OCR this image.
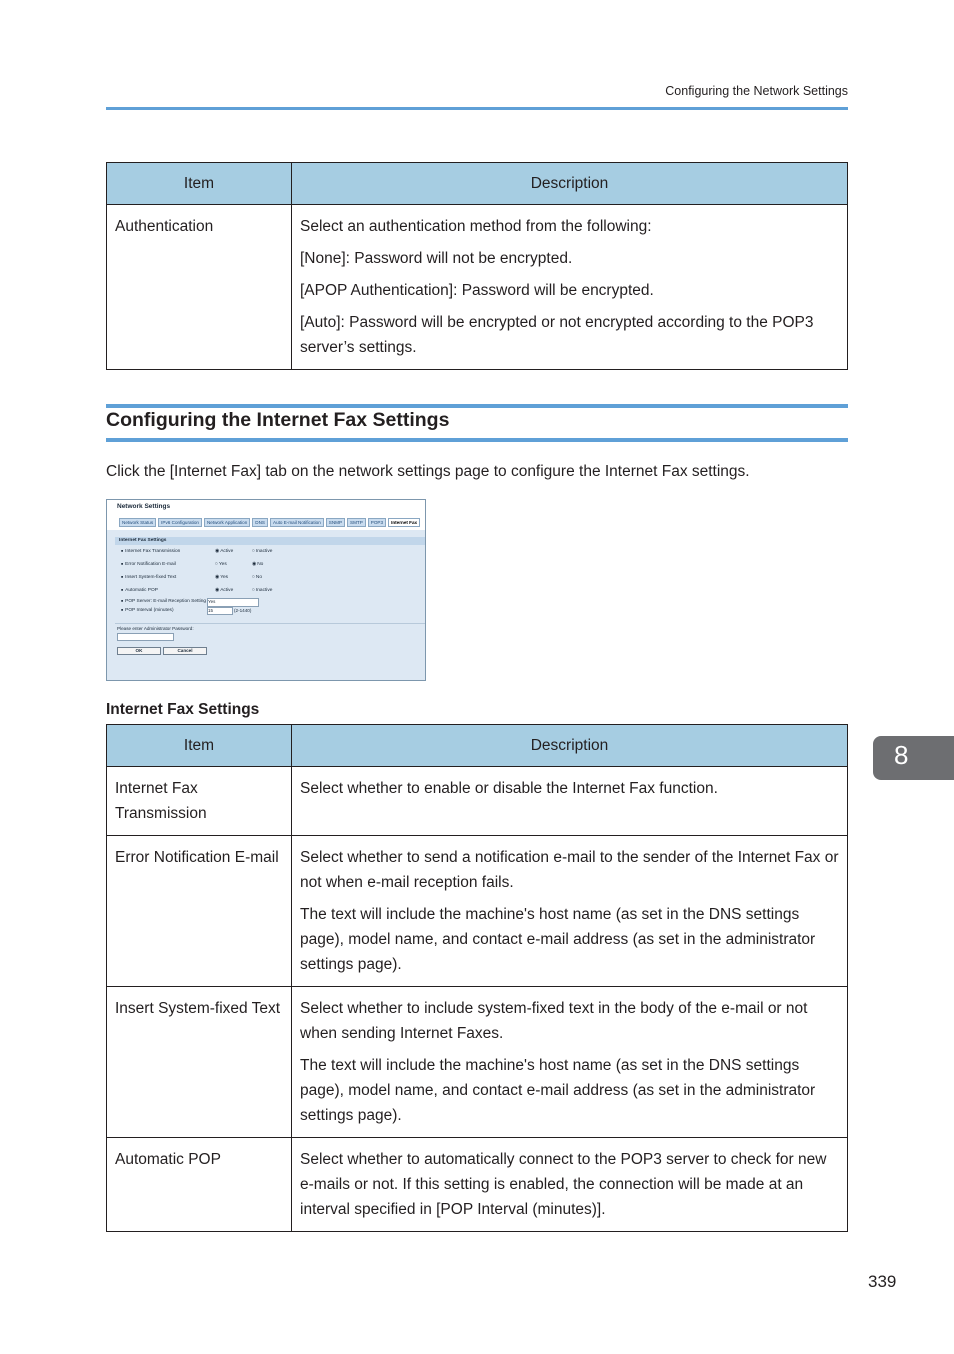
Configuring the Network Settings
Item	Description
Authentication	Select an authentication method from the following:

[None]: Password will not be encrypted.

[APOP Authentication]: Password will be encrypted.

[Auto]: Password will be encrypted or not encrypted according to the POP3 server’s settings.

Configuring the Internet Fax Settings
Click the [Internet Fax] tab on the network settings page to configure the Internet Fax settings.
Network Settings
Network Status IPv6 Configuration Network Application DNS Auto E-mail Notification SNMP SMTP POP3 Internet Fax
Internet Fax Settings
■ Internet Fax Transmission	◉ Active	○ Inactive
■ Error Notification E-mail	○ Yes	◉ No
■ Insert System-fixed Text	◉ Yes	○ No
■ Automatic POP	◉ Active	○ Inactive
■ POP Server: E-mail Reception Setting Yes
■ POP Interval (minutes)	15	(2-1440)
Please enter Administrator Password:
OK	Cancel
Internet Fax Settings
Item	Description
Internet Fax Transmission	Select whether to enable or disable the Internet Fax function.

Error Notification E-mail	Select whether to send a notification e-mail to the sender of the Internet Fax or not when e-mail reception fails.

The text will include the machine's host name (as set in the DNS settings page), model name, and contact e-mail address (as set in the administrator settings page).

Insert System-fixed Text	Select whether to include system-fixed text in the body of the e-mail or not when sending Internet Faxes.

The text will include the machine's host name (as set in the DNS settings page), model name, and contact e-mail address (as set in the administrator settings page).

Automatic POP	Select whether to automatically connect to the POP3 server to check for new e-mails or not. If this setting is enabled, the connection will be made at an interval specified in [POP Interval (minutes)].

8
339
